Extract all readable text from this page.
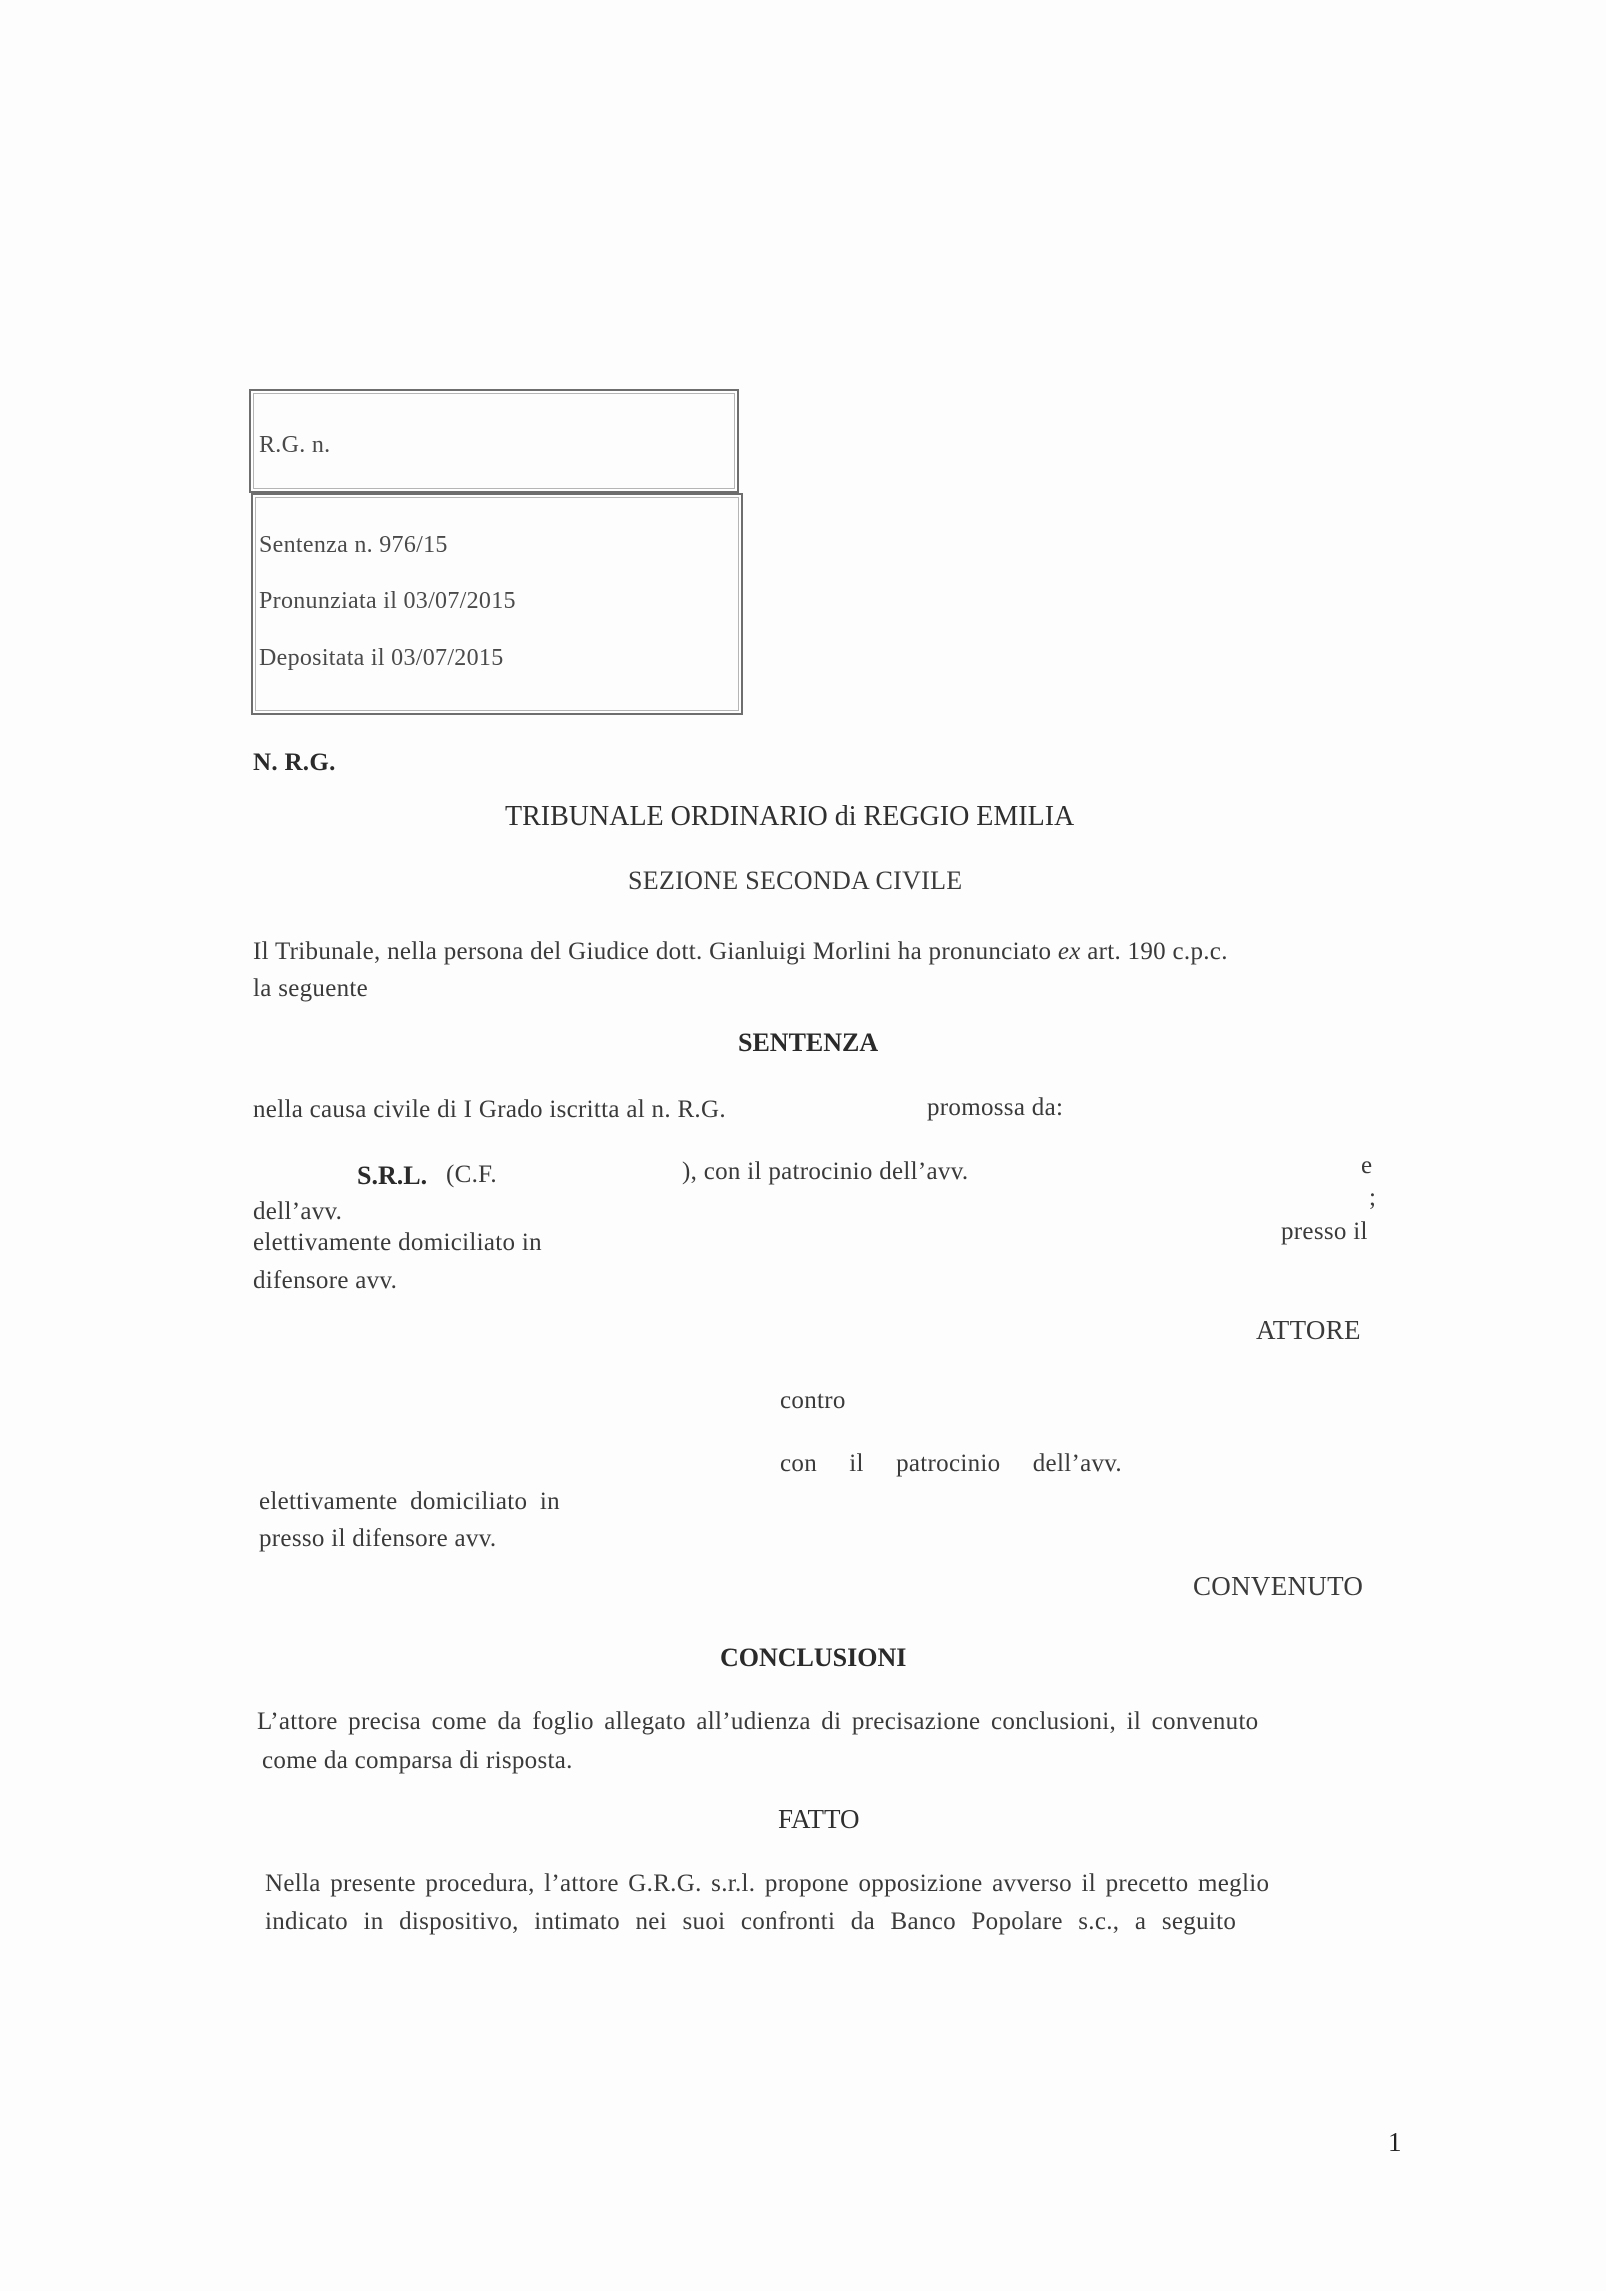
R.G. n.
Sentenza n. 976/15
Pronunziata il 03/07/2015
Depositata il 03/07/2015
N. R.G.
TRIBUNALE ORDINARIO di REGGIO EMILIA
SEZIONE SECONDA CIVILE
Il Tribunale, nella persona del Giudice dott. Gianluigi Morlini ha pronunciato ex art. 190 c.p.c.
la seguente
SENTENZA
nella causa civile di I Grado iscritta al n. R.G.	promossa da:
S.R.L. (C.F.	), con il patrocinio dell’avv.	e
dell’avv.
;
elettivamente domiciliato in	presso il
difensore avv.
ATTORE
contro
con il patrocinio dell’avv.
elettivamente domiciliato in
presso il difensore avv.
CONVENUTO
CONCLUSIONI
L’attore precisa come da foglio allegato all’udienza di precisazione conclusioni, il convenuto
come da comparsa di risposta.
FATTO
Nella presente procedura, l’attore G.R.G. s.r.l. propone opposizione avverso il precetto meglio
indicato in dispositivo, intimato nei suoi confronti da Banco Popolare s.c., a seguito
1
